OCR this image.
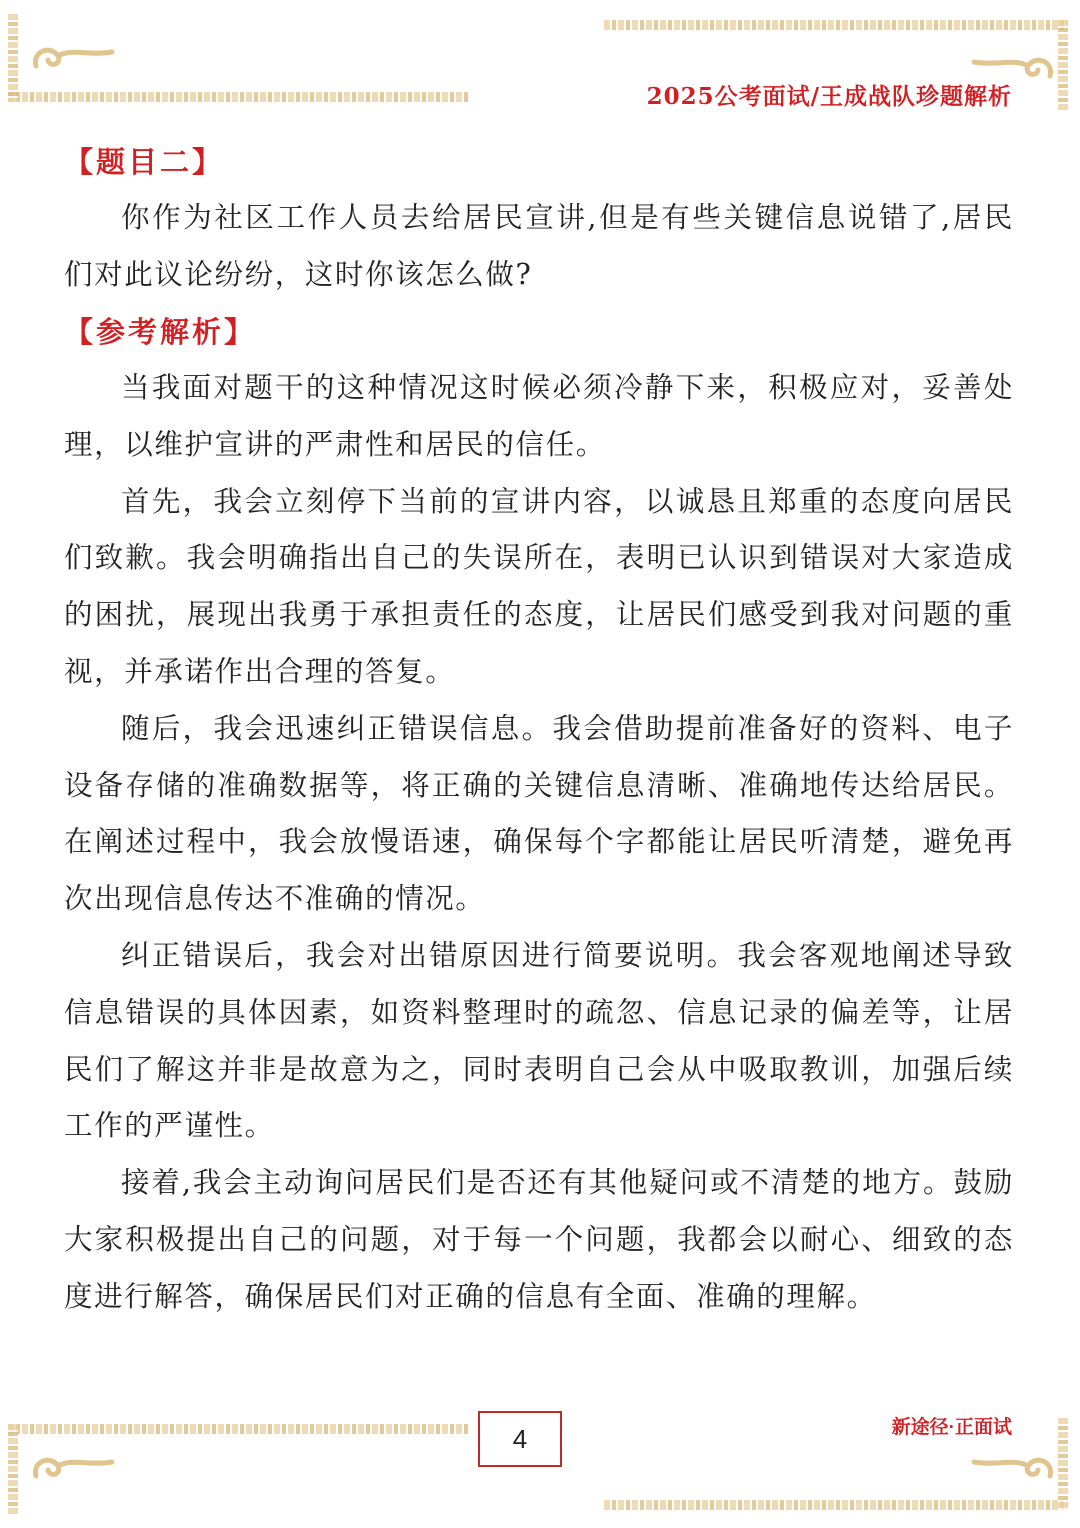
2025公考面试/王成战队珍题解析
【题目二】

你作为社区工作人员去给居民宣讲,但是有些关键信息说错了,居民们对此议论纷纷，这时你该怎么做?

【参考解析】

当我面对题干的这种情况这时候必须冷静下来，积极应对，妥善处理，以维护宣讲的严肃性和居民的信任。

首先，我会立刻停下当前的宣讲内容，以诚恳且郑重的态度向居民们致歉。我会明确指出自己的失误所在，表明已认识到错误对大家造成的困扰，展现出我勇于承担责任的态度，让居民们感受到我对问题的重视，并承诺作出合理的答复。

随后，我会迅速纠正错误信息。我会借助提前准备好的资料、电子设备存储的准确数据等，将正确的关键信息清晰、准确地传达给居民。在阐述过程中，我会放慢语速，确保每个字都能让居民听清楚，避免再次出现信息传达不准确的情况。

纠正错误后，我会对出错原因进行简要说明。我会客观地阐述导致信息错误的具体因素，如资料整理时的疏忽、信息记录的偏差等，让居民们了解这并非是故意为之，同时表明自己会从中吸取教训，加强后续工作的严谨性。

接着,我会主动询问居民们是否还有其他疑问或不清楚的地方。鼓励大家积极提出自己的问题，对于每一个问题，我都会以耐心、细致的态度进行解答，确保居民们对正确的信息有全面、准确的理解。

4	新途径·正面试
